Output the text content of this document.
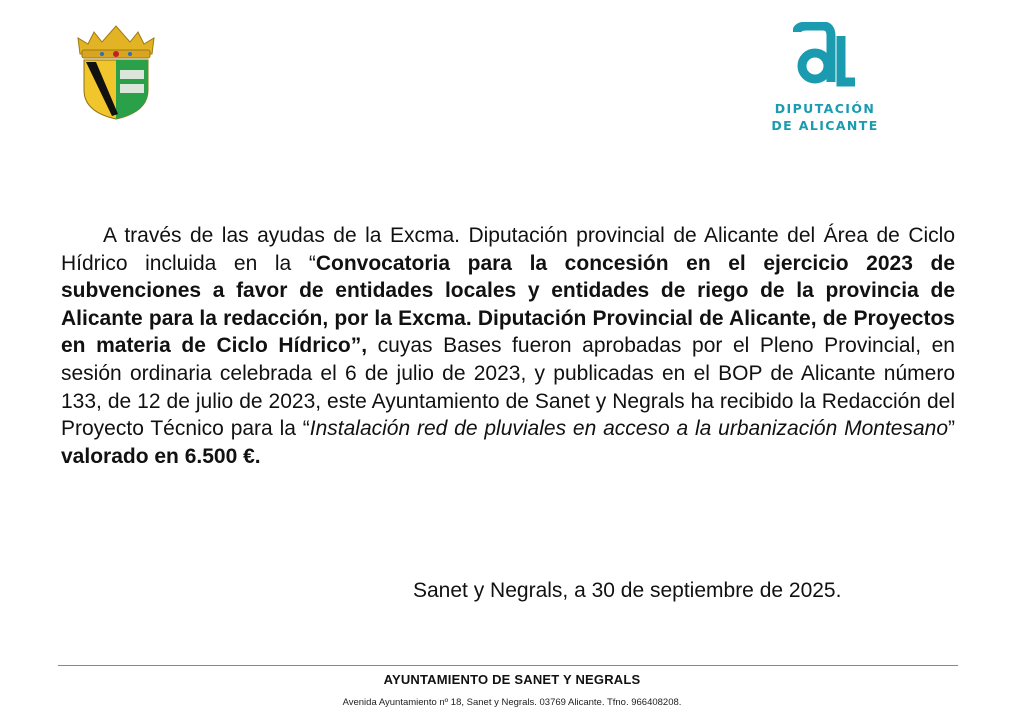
DIPUTACIÓN
DE ALICANTE
A través de las ayudas de la Excma. Diputación provincial de Alicante del Área de Ciclo Hídrico incluida en la “Convocatoria para la concesión en el ejercicio 2023 de subvenciones a favor de entidades locales y entidades de riego de la provincia de Alicante para la redacción, por la Excma. Diputación Provincial de Alicante, de Proyectos en materia de Ciclo Hídrico”, cuyas Bases fueron aprobadas por el Pleno Provincial, en sesión ordinaria celebrada el 6 de julio de 2023, y publicadas en el BOP de Alicante número 133, de 12 de julio de 2023, este Ayuntamiento de Sanet y Negrals ha recibido la Redacción del Proyecto Técnico para la “Instalación red de pluviales en acceso a la urbanización Montesano” valorado en 6.500 €.
Sanet y Negrals, a 30 de septiembre de 2025.
AYUNTAMIENTO DE SANET Y NEGRALS
Avenida Ayuntamiento nº 18, Sanet y Negrals. 03769 Alicante. Tfno. 966408208.
